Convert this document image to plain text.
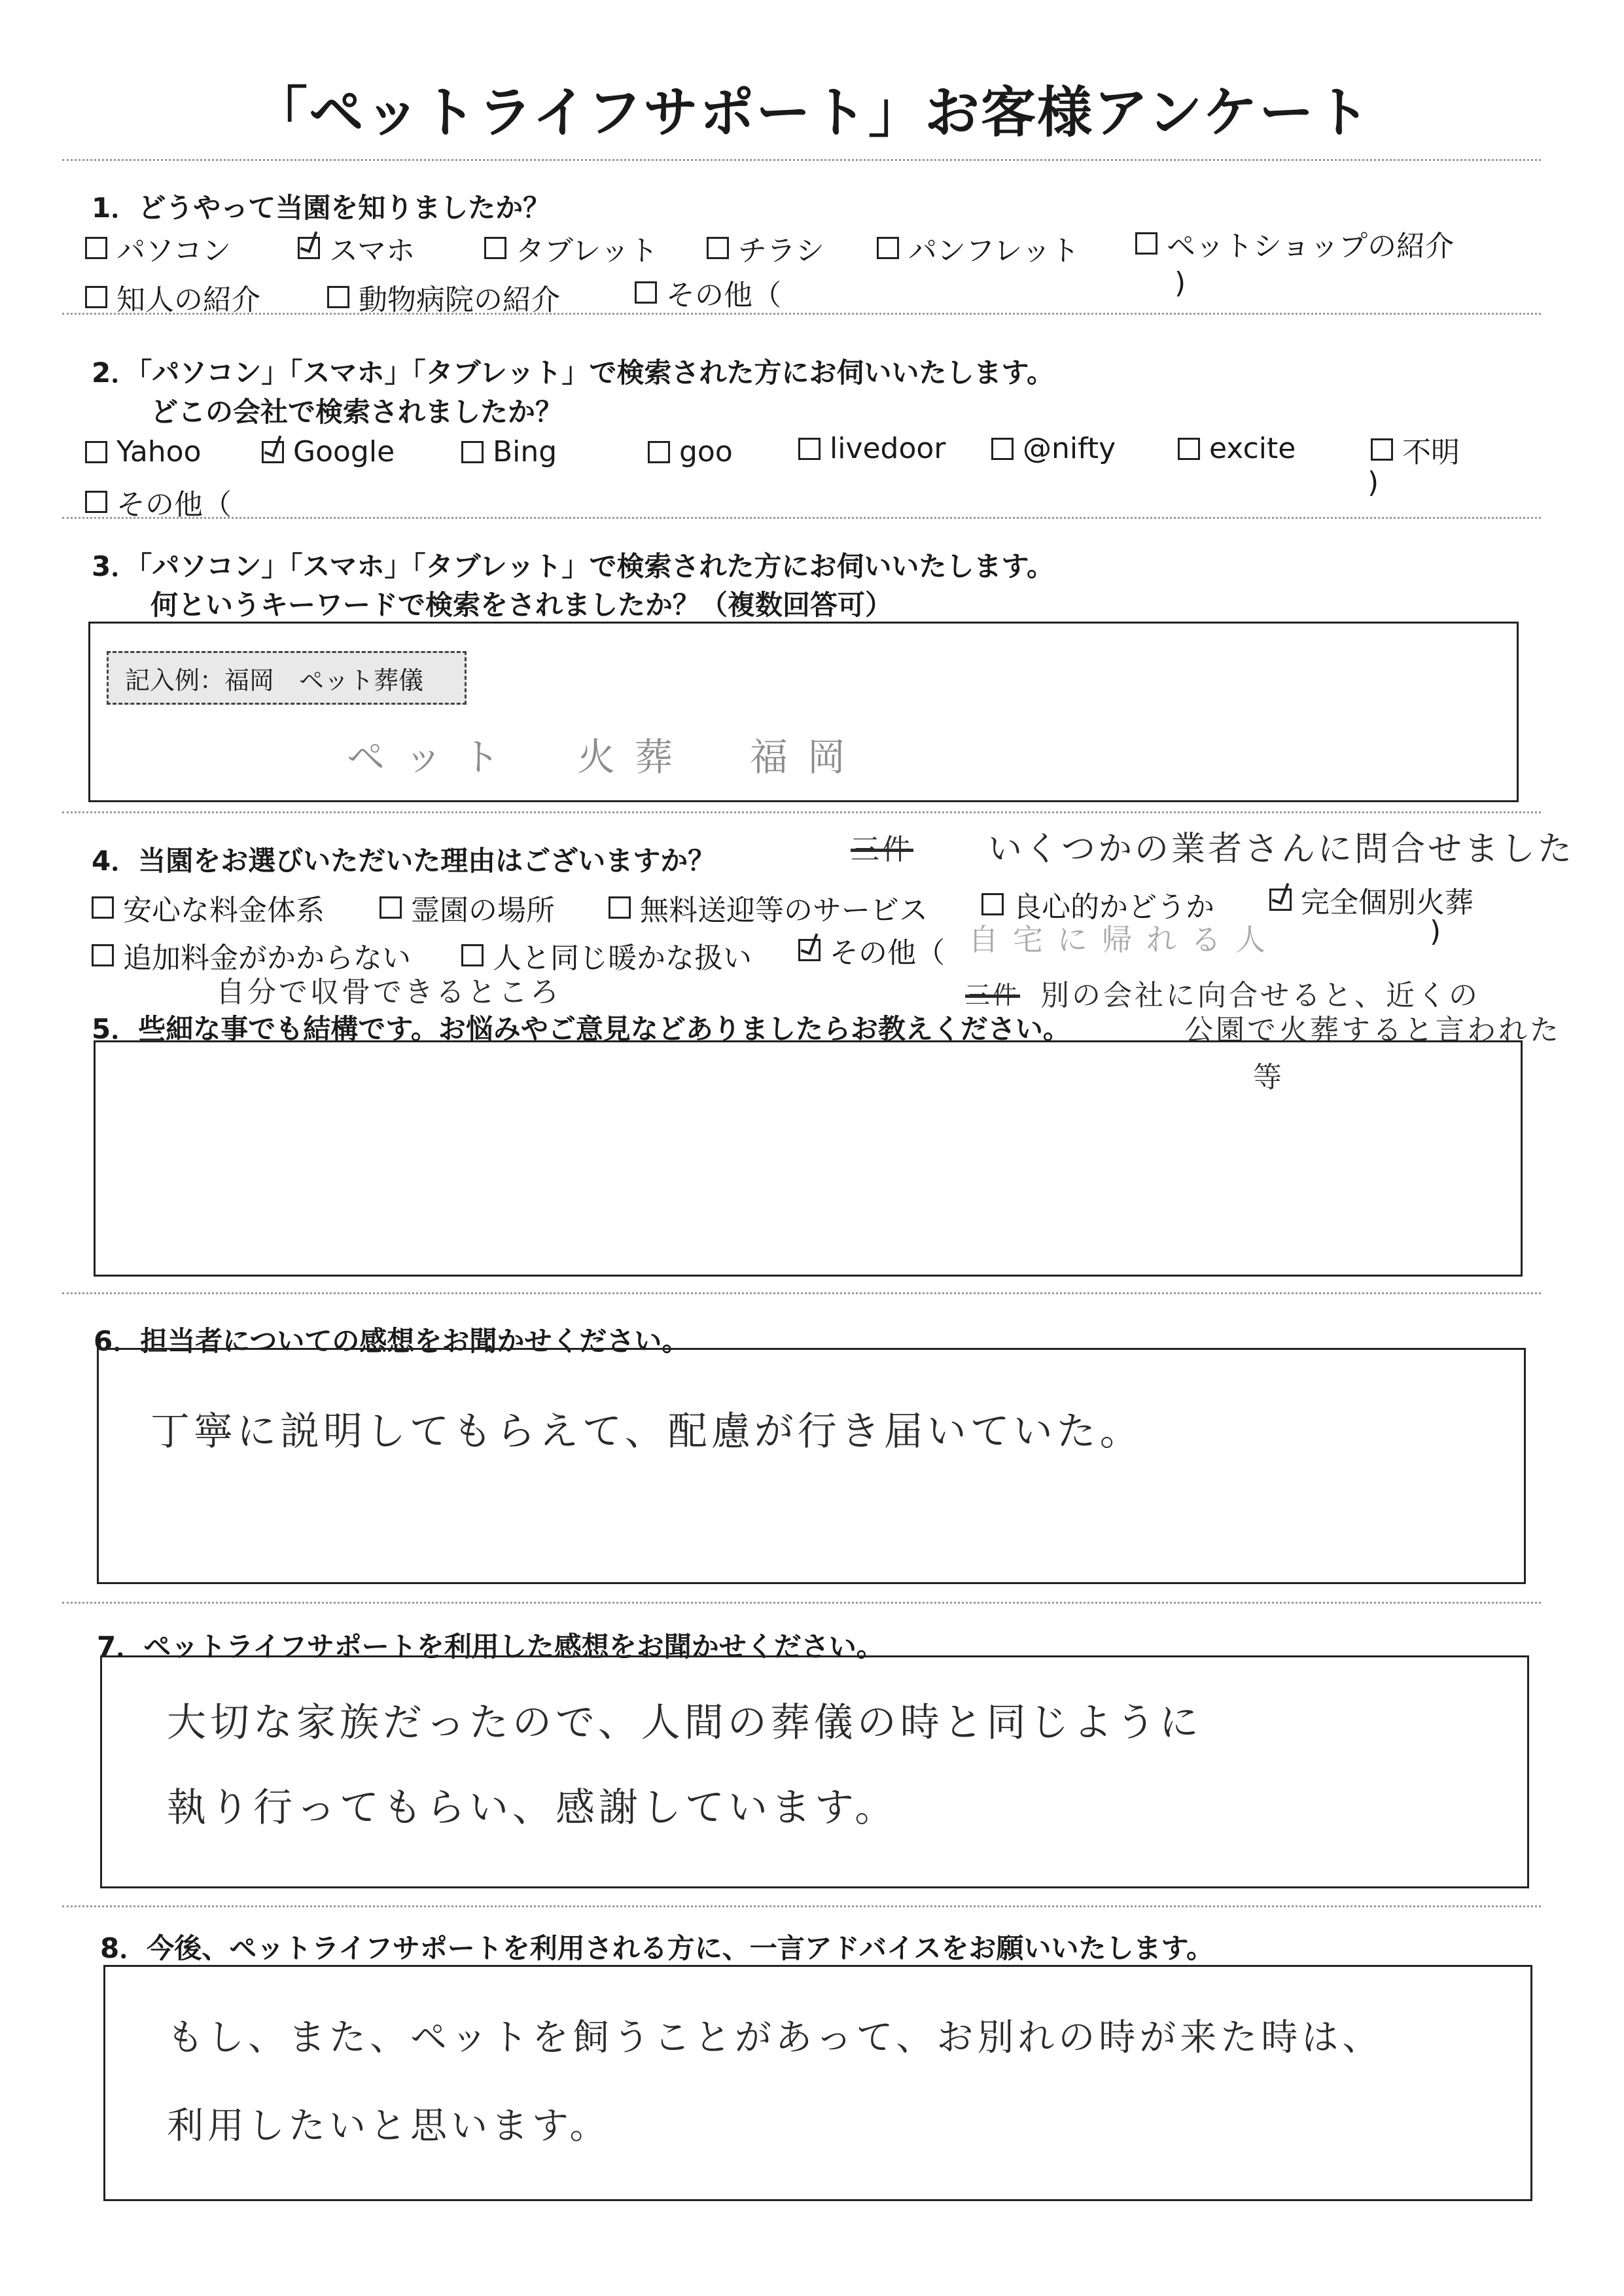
「ペットライフサポート」お客様アンケート
1．どうやって当園を知りましたか？
パソコン	スマホ	タブレット	チラシ	パンフレット	ペットショップの紹介
知人の紹介	動物病院の紹介	その他（	)
2．「パソコン」「スマホ」「タブレット」で検索された方にお伺いいたします。
どこの会社で検索されましたか？
Yahoo	Google	Bing	goo	livedoor	@nifty	excite	不明
その他（
)
3．「パソコン」「スマホ」「タブレット」で検索された方にお伺いいたします。
何というキーワードで検索をされましたか？（複数回答可）
記入例：福岡　ペット葬儀
ペット　火葬　福岡
4．当園をお選びいただいた理由はございますか？	三件 いくつかの業者さんに問合せました
安心な料金体系	霊園の場所	無料送迎等のサービス	良心的かどうか	完全個別火葬
追加料金がかからない	人と同じ暖かな扱い	その他（ 自宅に帰れる人	)
自分で収骨できるところ
5．些細な事でも結構です。お悩みやご意見などありましたらお教えください。
三件 別の会社に向合せると、近くの
公園で火葬すると言われた
等
6．担当者についての感想をお聞かせください。
丁寧に説明してもらえて、配慮が行き届いていた。
7．ペットライフサポートを利用した感想をお聞かせください。
大切な家族だったので、人間の葬儀の時と同じように
執り行ってもらい、感謝しています。
8．今後、ペットライフサポートを利用される方に、一言アドバイスをお願いいたします。
もし、また、ペットを飼うことがあって、お別れの時が来た時は、
利用したいと思います。
